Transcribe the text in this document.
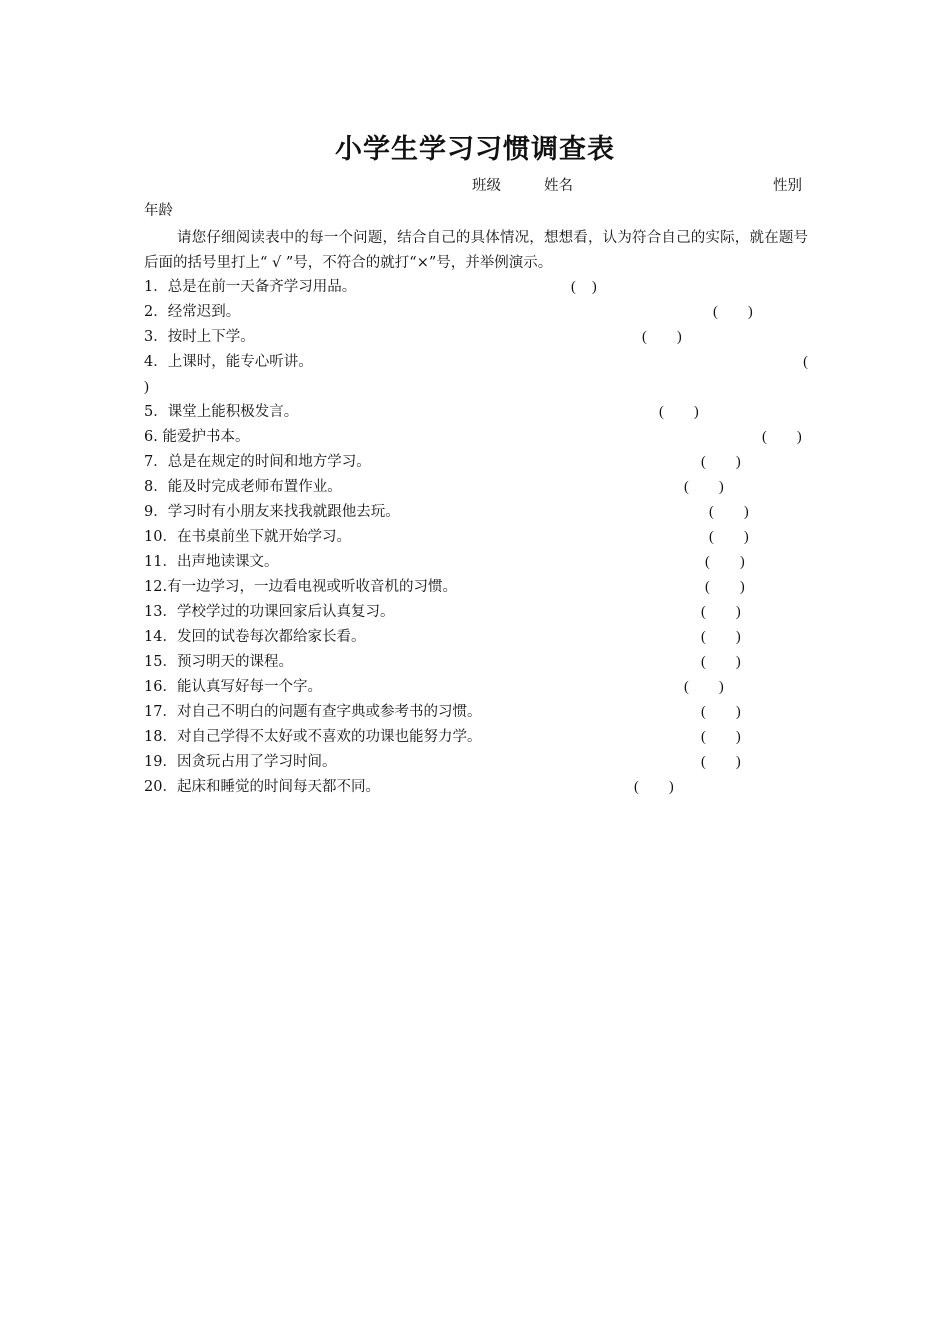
小学生学习习惯调查表
班级	姓名	性别
年龄
请您仔细阅读表中的每一个问题，结合自己的具体情况，想想看，认为符合自己的实际，就在题号后面的括号里打上“ √ ”号，不符合的就打“×”号，并举例演示。
1．总是在前一天备齐学习用品。	( )
2．经常迟到。	( )
3．按时上下学。	( )
4．上课时，能专心听讲。	(
)
5．课堂上能积极发言。	( )
6. 能爱护书本。	( )
7．总是在规定的时间和地方学习。	( )
8．能及时完成老师布置作业。	( )
9．学习时有小朋友来找我就跟他去玩。	( )
10．在书桌前坐下就开始学习。	( )
11．出声地读课文。	( )
12.有一边学习，一边看电视或听收音机的习惯。	( )
13．学校学过的功课回家后认真复习。	( )
14．发回的试卷每次都给家长看。	( )
15．预习明天的课程。	( )
16．能认真写好每一个字。	( )
17．对自己不明白的问题有查字典或参考书的习惯。	( )
18．对自己学得不太好或不喜欢的功课也能努力学。	( )
19．因贪玩占用了学习时间。	( )
20．起床和睡觉的时间每天都不同。	( )
